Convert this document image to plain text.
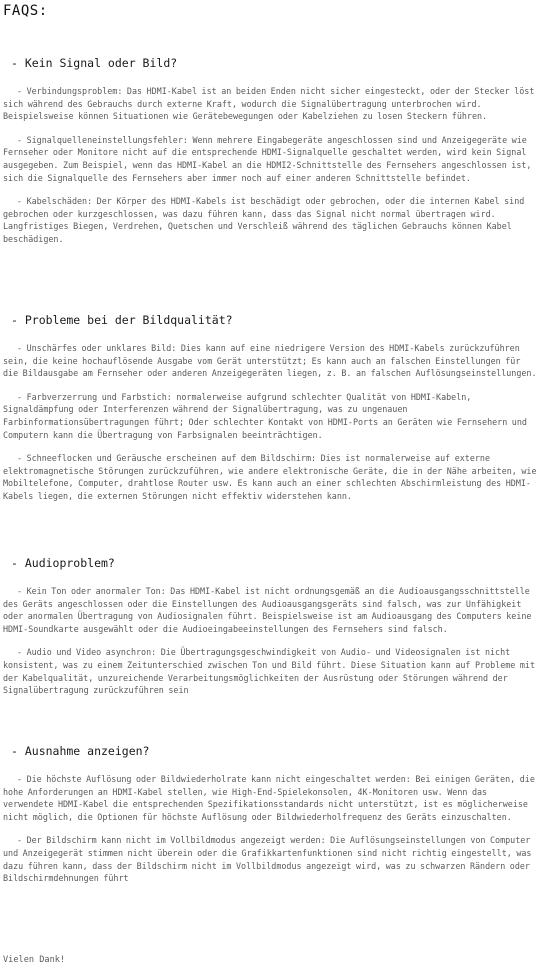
FAQS:
- Kein Signal oder Bild?

- Verbindungsproblem: Das HDMI-Kabel ist an beiden Enden nicht sicher eingesteckt, oder der Stecker löst sich während des Gebrauchs durch externe Kraft, wodurch die Signalübertragung unterbrochen wird. Beispielsweise können Situationen wie Gerätebewegungen oder Kabelziehen zu losen Steckern führen.

- Signalquelleneinstellungsfehler: Wenn mehrere Eingabegeräte angeschlossen sind und Anzeigegeräte wie Fernseher oder Monitore nicht auf die entsprechende HDMI-Signalquelle geschaltet werden, wird kein Signal ausgegeben. Zum Beispiel, wenn das HDMI-Kabel an die HDMI2-Schnittstelle des Fernsehers angeschlossen ist, sich die Signalquelle des Fernsehers aber immer noch auf einer anderen Schnittstelle befindet.

- Kabelschäden: Der Körper des HDMI-Kabels ist beschädigt oder gebrochen, oder die internen Kabel sind gebrochen oder kurzgeschlossen, was dazu führen kann, dass das Signal nicht normal übertragen wird. Langfristiges Biegen, Verdrehen, Quetschen und Verschleiß während des täglichen Gebrauchs können Kabel beschädigen.

- Probleme bei der Bildqualität?

- Unschärfes oder unklares Bild: Dies kann auf eine niedrigere Version des HDMI-Kabels zurückzuführen sein, die keine hochauflösende Ausgabe vom Gerät unterstützt; Es kann auch an falschen Einstellungen für die Bildausgabe am Fernseher oder anderen Anzeigegeräten liegen, z. B. an falschen Auflösungseinstellungen.

- Farbverzerrung und Farbstich: normalerweise aufgrund schlechter Qualität von HDMI-Kabeln, Signaldämpfung oder Interferenzen während der Signalübertragung, was zu ungenauen Farbinformationsübertragungen führt; Oder schlechter Kontakt von HDMI-Ports an Geräten wie Fernsehern und Computern kann die Übertragung von Farbsignalen beeinträchtigen.

- Schneeflocken und Geräusche erscheinen auf dem Bildschirm: Dies ist normalerweise auf externe elektromagnetische Störungen zurückzuführen, wie andere elektronische Geräte, die in der Nähe arbeiten, wie Mobiltelefone, Computer, drahtlose Router usw. Es kann auch an einer schlechten Abschirmleistung des HDMI-Kabels liegen, die externen Störungen nicht effektiv widerstehen kann.

- Audioproblem?

- Kein Ton oder anormaler Ton: Das HDMI-Kabel ist nicht ordnungsgemäß an die Audioausgangsschnittstelle des Geräts angeschlossen oder die Einstellungen des Audioausgangsgeräts sind falsch, was zur Unfähigkeit oder anormalen Übertragung von Audiosignalen führt. Beispielsweise ist am Audioausgang des Computers keine HDMI-Soundkarte ausgewählt oder die Audioeingabeeinstellungen des Fernsehers sind falsch.

- Audio und Video asynchron: Die Übertragungsgeschwindigkeit von Audio- und Videosignalen ist nicht konsistent, was zu einem Zeitunterschied zwischen Ton und Bild führt. Diese Situation kann auf Probleme mit der Kabelqualität, unzureichende Verarbeitungsmöglichkeiten der Ausrüstung oder Störungen während der Signalübertragung zurückzuführen sein

- Ausnahme anzeigen?

- Die höchste Auflösung oder Bildwiederholrate kann nicht eingeschaltet werden: Bei einigen Geräten, die hohe Anforderungen an HDMI-Kabel stellen, wie High-End-Spielekonsolen, 4K-Monitoren usw. Wenn das verwendete HDMI-Kabel die entsprechenden Spezifikationsstandards nicht unterstützt, ist es möglicherweise nicht möglich, die Optionen für höchste Auflösung oder Bildwiederholfrequenz des Geräts einzuschalten.

- Der Bildschirm kann nicht im Vollbildmodus angezeigt werden: Die Auflösungseinstellungen von Computer und Anzeigegerät stimmen nicht überein oder die Grafikkartenfunktionen sind nicht richtig eingestellt, was dazu führen kann, dass der Bildschirm nicht im Vollbildmodus angezeigt wird, was zu schwarzen Rändern oder Bildschirmdehnungen führt

Vielen Dank!
